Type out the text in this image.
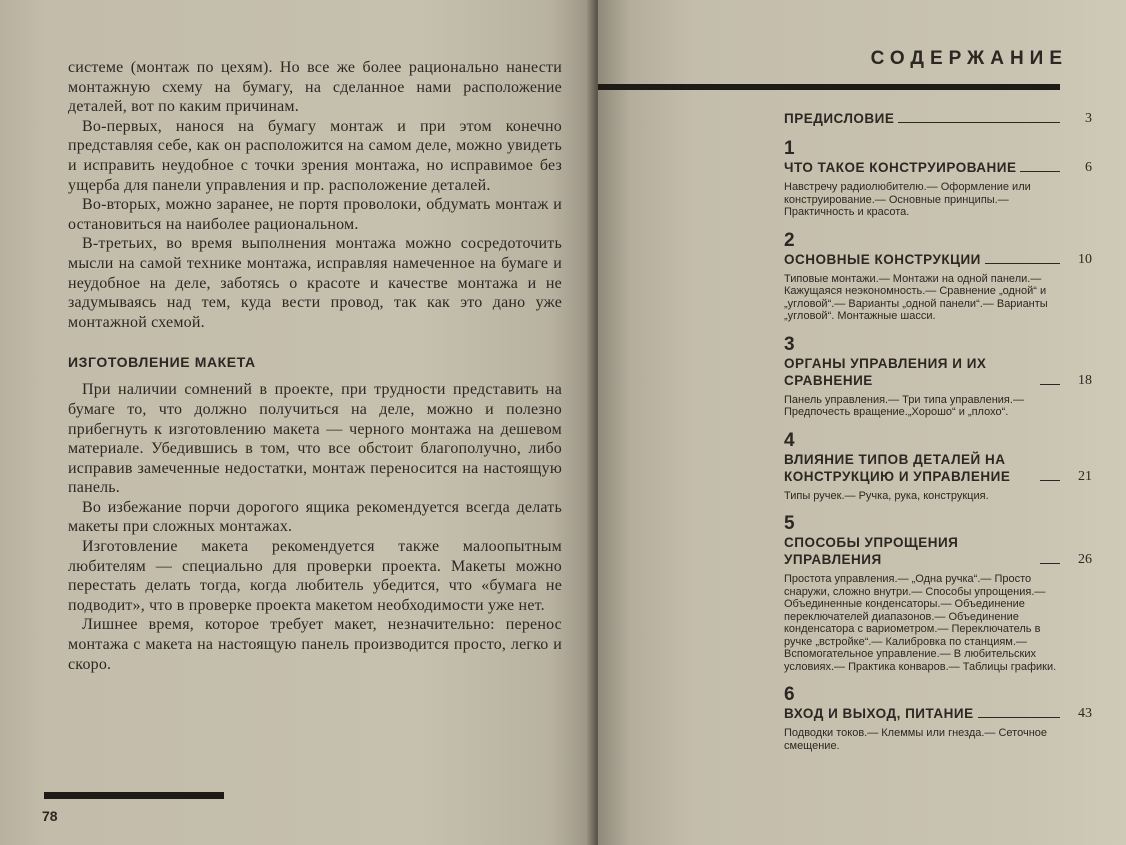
системе (монтаж по цехям). Но все же более рационально нанести монтажную схему на бумагу, на сделанное нами расположение деталей, вот по каким причинам.

Во-первых, нанося на бумагу монтаж и при этом конечно представляя себе, как он расположится на самом деле, можно увидеть и исправить неудобное с точки зрения монтажа, но исправимое без ущерба для панели управления и пр. расположение деталей.

Во-вторых, можно заранее, не портя проволоки, обдумать монтаж и остановиться на наиболее рациональном.

В-третьих, во время выполнения монтажа можно сосредоточить мысли на самой технике монтажа, исправляя намеченное на бумаге и неудобное на деле, заботясь о красоте и качестве монтажа и не задумываясь над тем, куда вести провод, так как это дано уже монтажной схемой.

ИЗГОТОВЛЕНИЕ МАКЕТА

При наличии сомнений в проекте, при трудности представить на бумаге то, что должно получиться на деле, можно и полезно прибегнуть к изготовлению макета — черного монтажа на дешевом материале. Убедившись в том, что все обстоит благополучно, либо исправив замеченные недостатки, монтаж переносится на настоящую панель.

Во избежание порчи дорогого ящика рекомендуется всегда делать макеты при сложных монтажах.

Изготовление макета рекомендуется также малоопытным любителям — специально для проверки проекта. Макеты можно перестать делать тогда, когда любитель убедится, что «бумага не подводит», что в проверке проекта макетом необходимости уже нет.

Лишнее время, которое требует макет, незначительно: перенос монтажа с макета на настоящую панель производится просто, легко и скоро.

78
СОДЕРЖАНИЕ
ПРЕДИСЛОВИЕ	3
1
ЧТО ТАКОЕ КОНСТРУИРОВАНИЕ	6
Навстречу радиолюбителю.— Оформление или конструирование.— Основные принципы.— Практичность и красота.
2
ОСНОВНЫЕ КОНСТРУКЦИИ	10
Типовые монтажи.— Монтажи на одной панели.— Кажущаяся неэкономность.— Сравнение „одной“ и „угловой“.— Варианты „одной панели“.— Варианты „угловой“. Монтажные шасси.
3
ОРГАНЫ УПРАВЛЕНИЯ И ИХ СРАВНЕНИЕ	18
Панель управления.— Три типа управления.— Предпочесть вращение.„Хорошо“ и „плохо“.
4
ВЛИЯНИЕ ТИПОВ ДЕТАЛЕЙ НА КОНСТРУКЦИЮ И УПРАВЛЕНИЕ	21
Типы ручек.— Ручка, рука, конструкция.
5
СПОСОБЫ УПРОЩЕНИЯ УПРАВЛЕНИЯ	26
Простота управления.— „Одна ручка“.— Просто снаружи, сложно внутри.— Способы упрощения.— Объединенные конденсаторы.— Объединение переключателей диапазонов.— Объединение конденсатора с вариометром.— Переключатель в ручке „встройке“.— Калибровка по станциям.— Вспомогательное управление.— В любительских условиях.— Практика конваров.— Таблицы графики.
6
ВХОД И ВЫХОД, ПИТАНИЕ	43
Подводки токов.— Клеммы или гнезда.— Сеточное смещение.
